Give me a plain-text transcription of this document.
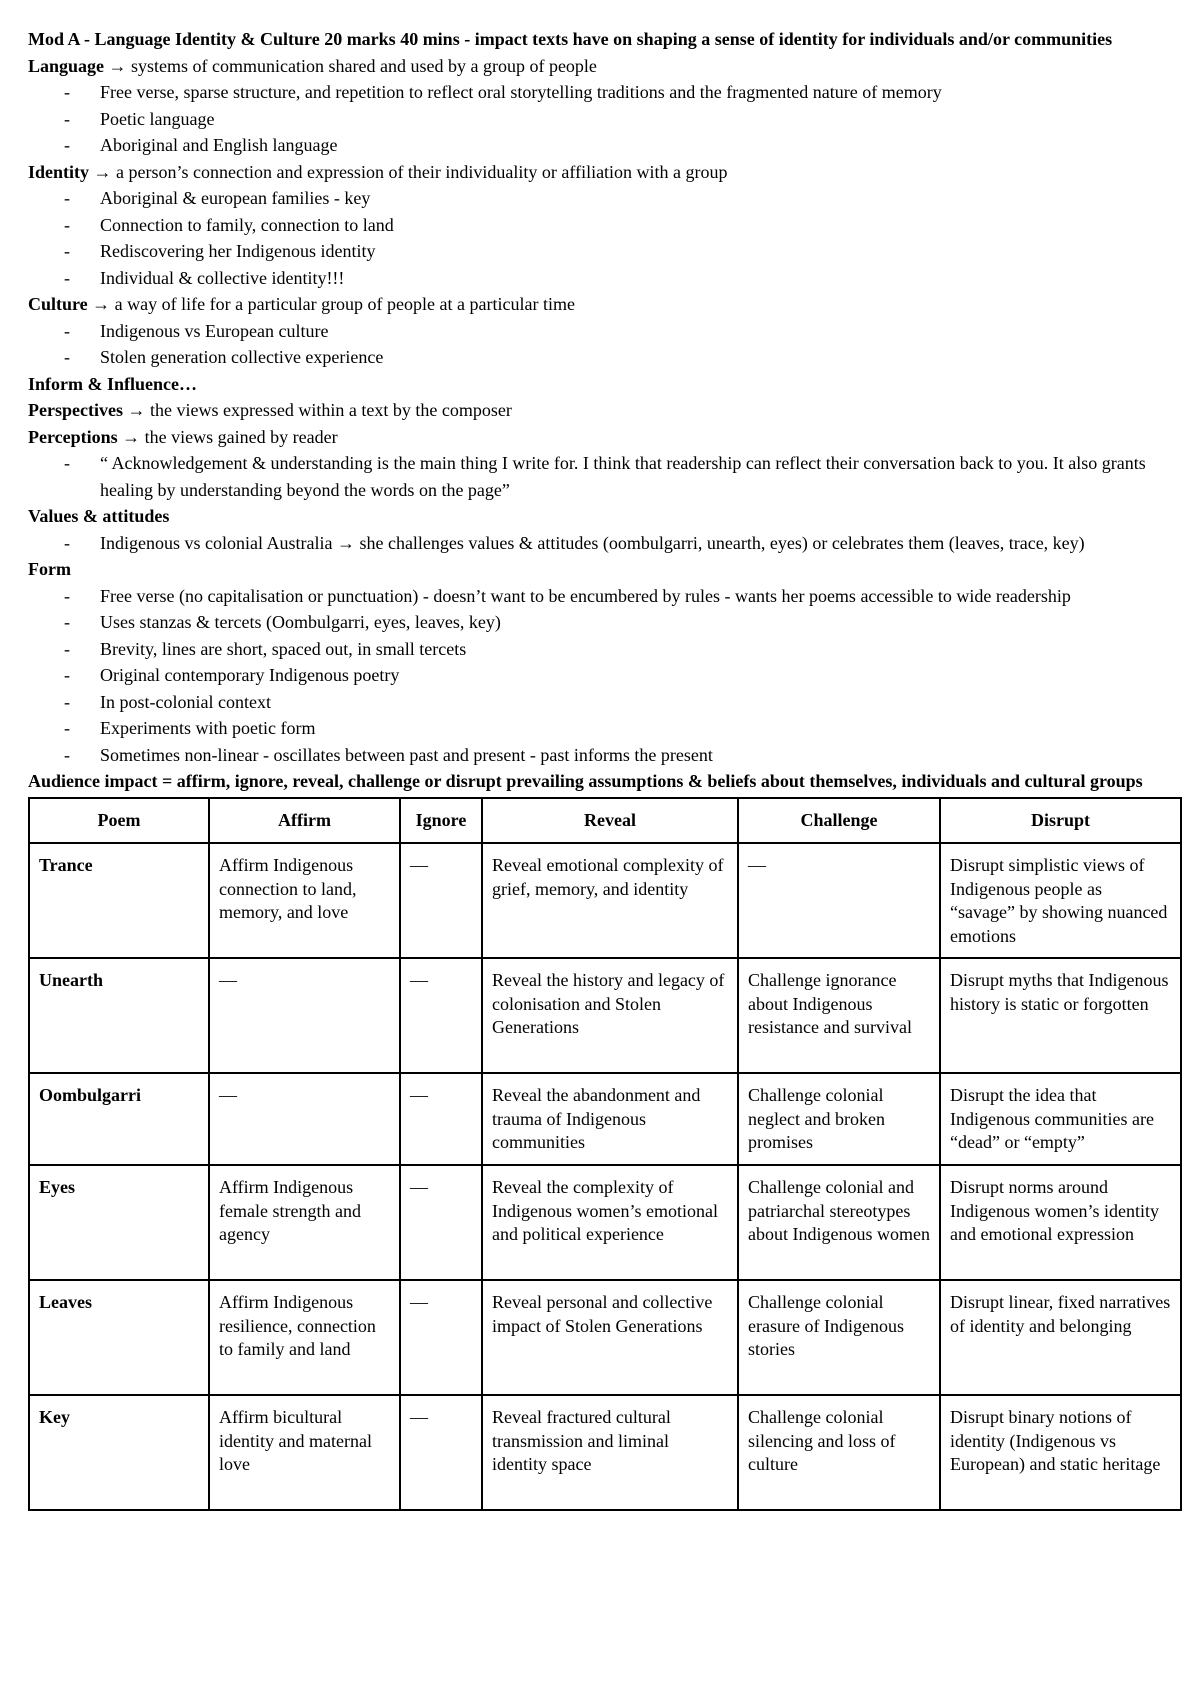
Mod A - Language Identity & Culture 20 marks 40 mins - impact texts have on shaping a sense of identity for individuals and/or communities

Language → systems of communication shared and used by a group of people

- Free verse, sparse structure, and repetition to reflect oral storytelling traditions and the fragmented nature of memory
- Poetic language
- Aboriginal and English language

Identity → a person’s connection and expression of their individuality or affiliation with a group

- Aboriginal & european families - key
- Connection to family, connection to land
- Rediscovering her Indigenous identity
- Individual & collective identity!!!

Culture → a way of life for a particular group of people at a particular time

- Indigenous vs European culture
- Stolen generation collective experience

Inform & Influence…

Perspectives → the views expressed within a text by the composer

Perceptions → the views gained by reader

- “ Acknowledgement & understanding is the main thing I write for. I think that readership can reflect their conversation back to you. It also grants healing by understanding beyond the words on the page”

Values & attitudes

- Indigenous vs colonial Australia → she challenges values & attitudes (oombulgarri, unearth, eyes) or celebrates them (leaves, trace, key)

Form

- Free verse (no capitalisation or punctuation) - doesn’t want to be encumbered by rules - wants her poems accessible to wide readership
- Uses stanzas & tercets (Oombulgarri, eyes, leaves, key)
- Brevity, lines are short, spaced out, in small tercets
- Original contemporary Indigenous poetry
- In post-colonial context
- Experiments with poetic form
- Sometimes non-linear - oscillates between past and present - past informs the present

Audience impact = affirm, ignore, reveal, challenge or disrupt prevailing assumptions & beliefs about themselves, individuals and cultural groups

Poem	Affirm	Ignore	Reveal	Challenge	Disrupt
Trance	Affirm Indigenous connection to land, memory, and love	—	Reveal emotional complexity of grief, memory, and identity	—	Disrupt simplistic views of Indigenous people as “savage” by showing nuanced emotions
Unearth	—	—	Reveal the history and legacy of colonisation and Stolen Generations	Challenge ignorance about Indigenous resistance and survival	Disrupt myths that Indigenous history is static or forgotten
Oombulgarri	—	—	Reveal the abandonment and trauma of Indigenous communities	Challenge colonial neglect and broken promises	Disrupt the idea that Indigenous communities are “dead” or “empty”
Eyes	Affirm Indigenous female strength and agency	—	Reveal the complexity of Indigenous women’s emotional and political experience	Challenge colonial and patriarchal stereotypes about Indigenous women	Disrupt norms around Indigenous women’s identity and emotional expression
Leaves	Affirm Indigenous resilience, connection to family and land	—	Reveal personal and collective impact of Stolen Generations	Challenge colonial erasure of Indigenous stories	Disrupt linear, fixed narratives of identity and belonging
Key	Affirm bicultural identity and maternal love	—	Reveal fractured cultural transmission and liminal identity space	Challenge colonial silencing and loss of culture	Disrupt binary notions of identity (Indigenous vs European) and static heritage
